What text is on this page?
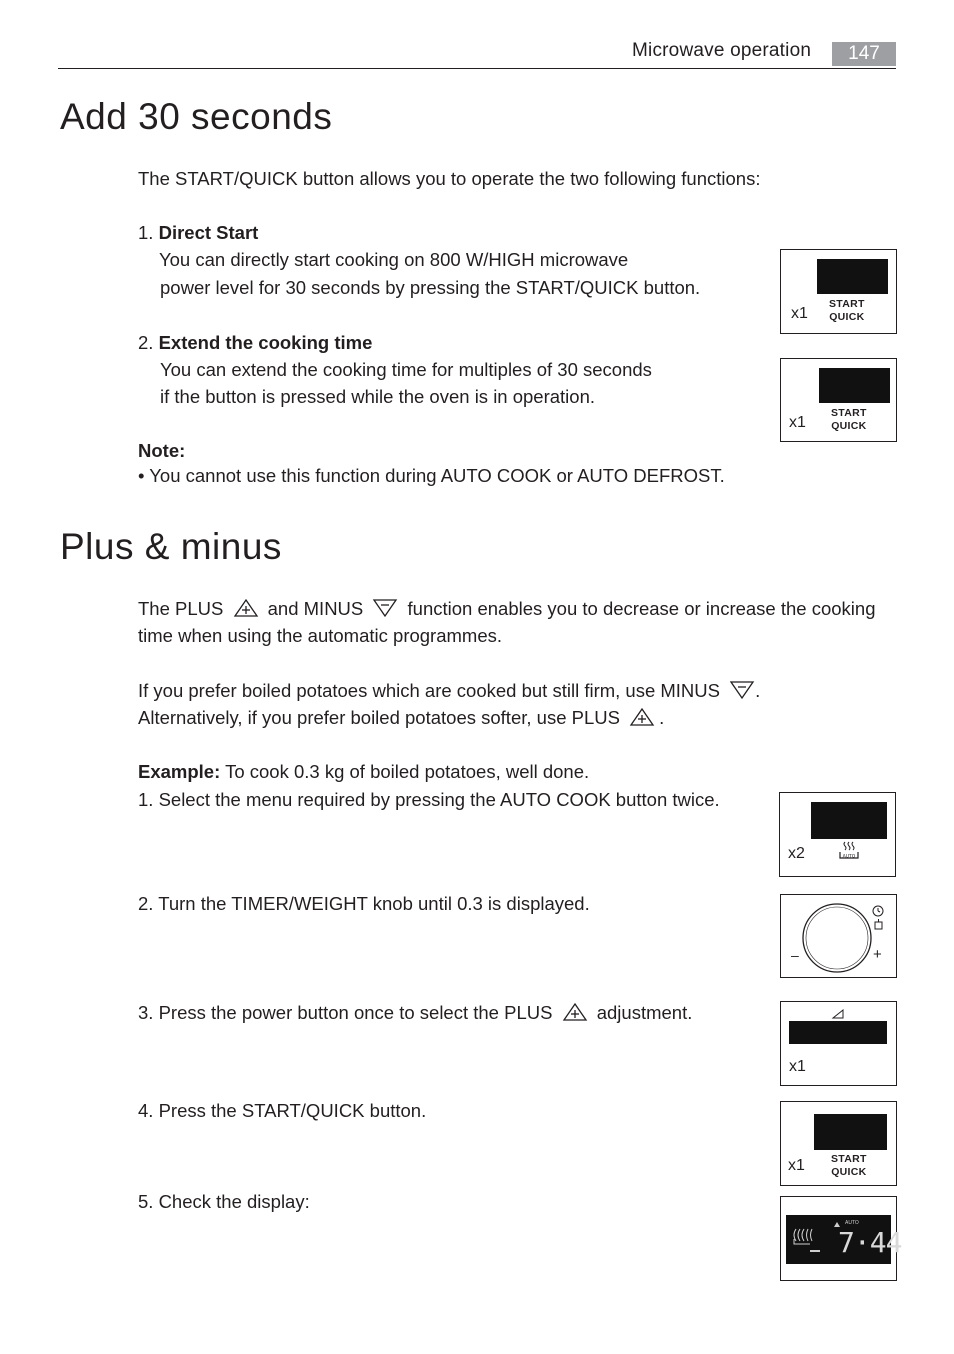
Microwave operation	147
Add 30 seconds
The START/QUICK button allows you to operate the two following functions:
1. Direct Start
You can directly start cooking on 800 W/HIGH microwave
power level for 30 seconds by pressing the START/QUICK button.
2. Extend the cooking time
You can extend the cooking time for multiples of 30 seconds
if the button is pressed while the oven is in operation.
Note:
• You cannot use this function during AUTO COOK or AUTO DEFROST.
x1
START
QUICK
x1
START
QUICK
Plus & minus
The PLUS and MINUS function enables you to decrease or increase the cooking
time when using the automatic programmes.
If you prefer boiled potatoes which are cooked but still firm, use MINUS .
Alternatively, if you prefer boiled potatoes softer, use PLUS .
Example: To cook 0.3 kg of boiled potatoes, well done.
1. Select the menu required by pressing the AUTO COOK button twice.
2. Turn the TIMER/WEIGHT knob until 0.3 is displayed.
3. Press the power button once to select the PLUS adjustment.
4. Press the START/QUICK button.
5. Check the display:
x2	AUTO
–	+
x1
x1 START
QUICK
AUTO
7·44
